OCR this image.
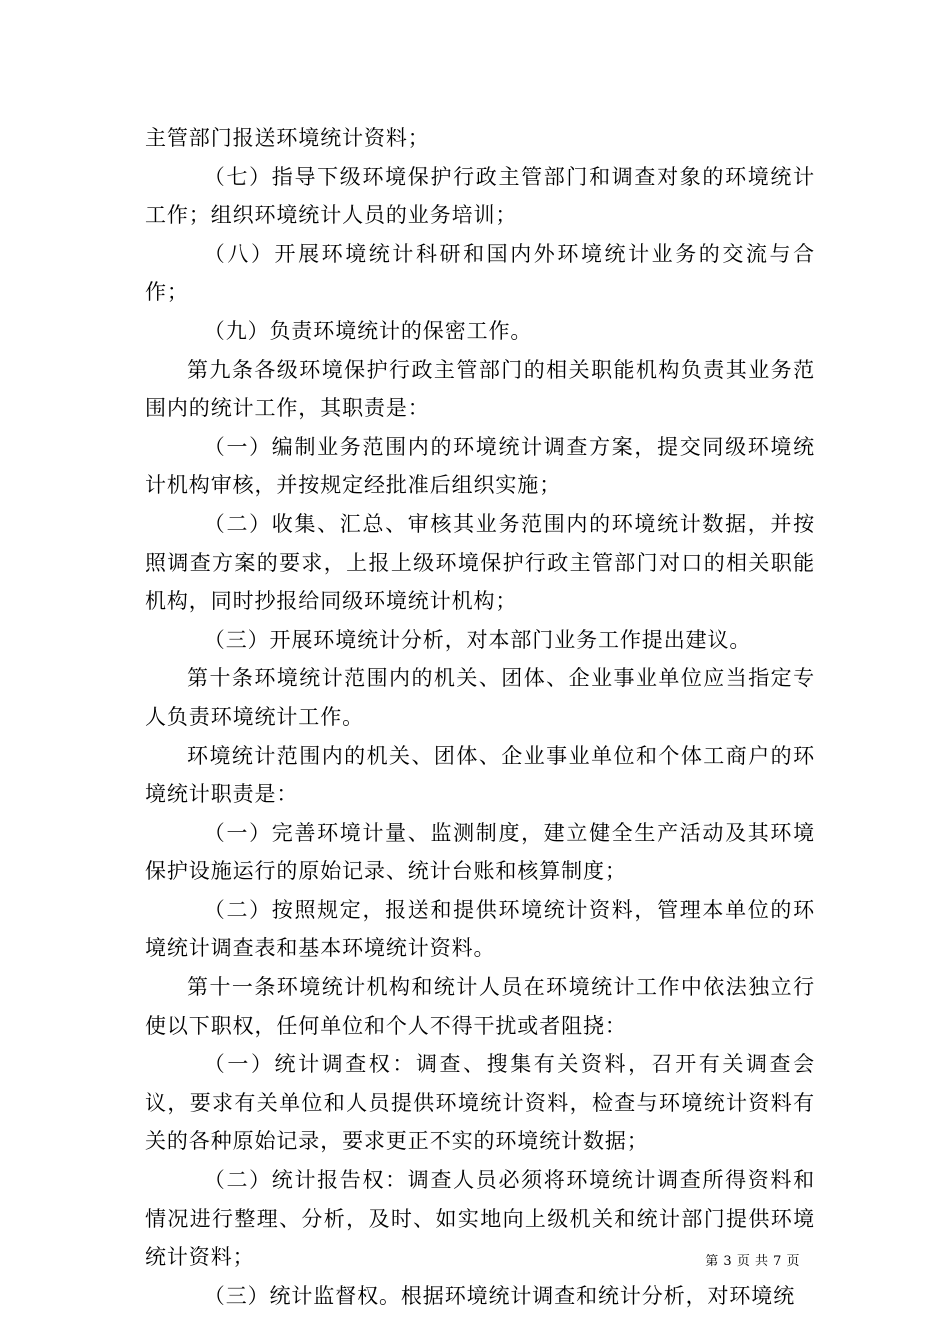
主管部门报送环境统计资料；

（七）指导下级环境保护行政主管部门和调查对象的环境统计工作；组织环境统计人员的业务培训；

（八）开展环境统计科研和国内外环境统计业务的交流与合作；

（九）负责环境统计的保密工作。

第九条各级环境保护行政主管部门的相关职能机构负责其业务范围内的统计工作，其职责是：

（一）编制业务范围内的环境统计调查方案，提交同级环境统计机构审核，并按规定经批准后组织实施；

（二）收集、汇总、审核其业务范围内的环境统计数据，并按照调查方案的要求，上报上级环境保护行政主管部门对口的相关职能机构，同时抄报给同级环境统计机构；

（三）开展环境统计分析，对本部门业务工作提出建议。

第十条环境统计范围内的机关、团体、企业事业单位应当指定专人负责环境统计工作。

环境统计范围内的机关、团体、企业事业单位和个体工商户的环境统计职责是：

（一）完善环境计量、监测制度，建立健全生产活动及其环境保护设施运行的原始记录、统计台账和核算制度；

（二）按照规定，报送和提供环境统计资料，管理本单位的环境统计调查表和基本环境统计资料。

第十一条环境统计机构和统计人员在环境统计工作中依法独立行使以下职权，任何单位和个人不得干扰或者阻挠：

（一）统计调查权：调查、搜集有关资料，召开有关调查会议，要求有关单位和人员提供环境统计资料，检查与环境统计资料有关的各种原始记录，要求更正不实的环境统计数据；

（二）统计报告权：调查人员必须将环境统计调查所得资料和情况进行整理、分析，及时、如实地向上级机关和统计部门提供环境统计资料；

（三）统计监督权。根据环境统计调查和统计分析，对环境统

第 3 页 共 7 页
